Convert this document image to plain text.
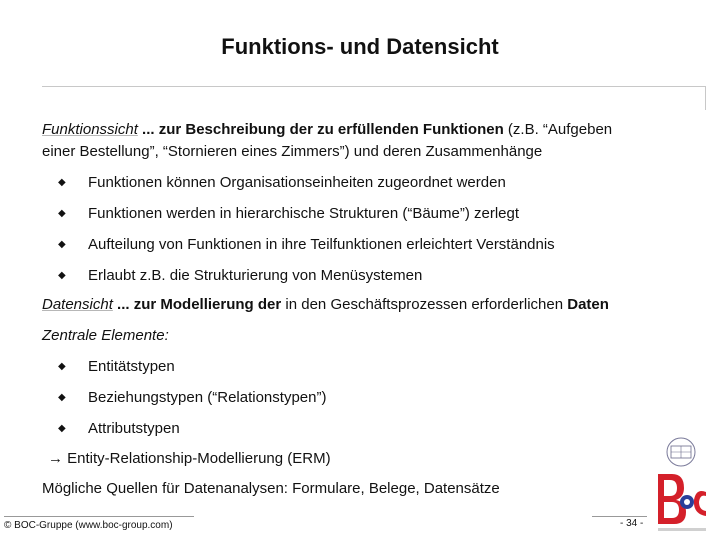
Funktions- und Datensicht
Funktionssicht ... zur Beschreibung der zu erfüllenden Funktionen (z.B. “Aufgeben
einer Bestellung”, “Stornieren eines Zimmers”) und deren Zusammenhänge
◆ Funktionen können Organisationseinheiten zugeordnet werden
◆ Funktionen werden in hierarchische Strukturen (“Bäume”) zerlegt
◆ Aufteilung von Funktionen in ihre Teilfunktionen erleichtert Verständnis
◆ Erlaubt z.B. die Strukturierung von Menüsystemen
Datensicht ... zur Modellierung der in den Geschäftsprozessen erforderlichen Daten
Zentrale Elemente:
◆ Entitätstypen
◆ Beziehungstypen (“Relationstypen”)
◆ Attributstypen
→ Entity-Relationship-Modellierung (ERM)
Mögliche Quellen für Datenanalysen: Formulare, Belege, Datensätze
© BOC-Gruppe (www.boc-group.com)	- 34 -
